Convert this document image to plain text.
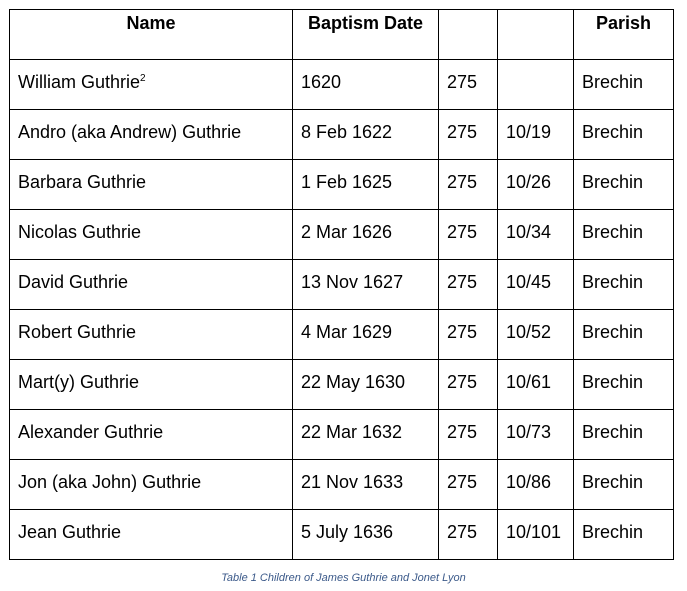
Name	Baptism Date			Parish
William Guthrie$^2$	1620	275		Brechin
Andro (aka Andrew) Guthrie	8 Feb 1622	275	10/19	Brechin
Barbara Guthrie	1 Feb 1625	275	10/26	Brechin
Nicolas Guthrie	2 Mar 1626	275	10/34	Brechin
David Guthrie	13 Nov 1627	275	10/45	Brechin
Robert Guthrie	4 Mar 1629	275	10/52	Brechin
Mart(y) Guthrie	22 May 1630	275	10/61	Brechin
Alexander Guthrie	22 Mar 1632	275	10/73	Brechin
Jon (aka John) Guthrie	21 Nov 1633	275	10/86	Brechin
Jean Guthrie	5 July 1636	275	10/101	Brechin
Table 1 Children of James Guthrie and Jonet Lyon
